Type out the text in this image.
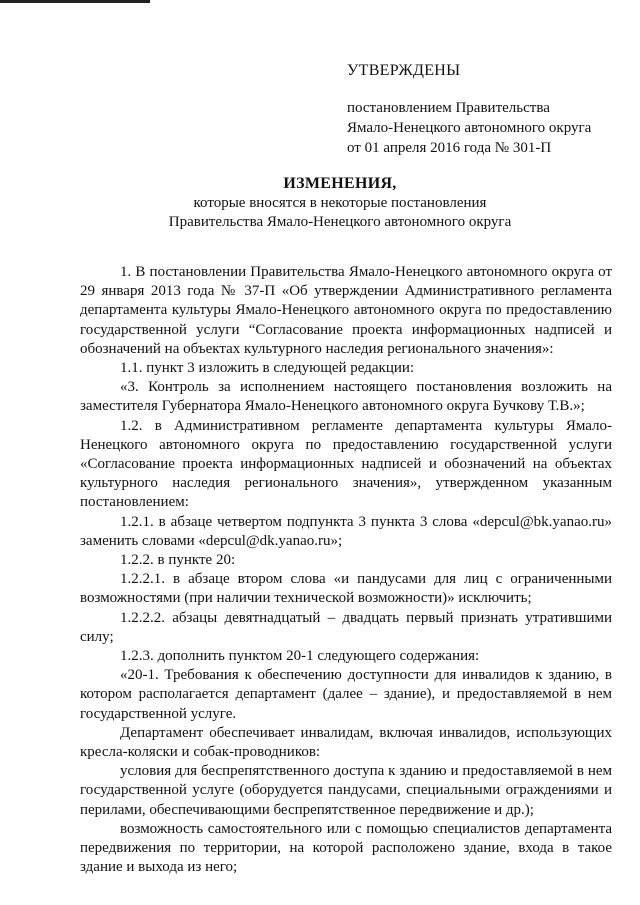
УТВЕРЖДЕНЫ
постановлением Правительства
Ямало-Ненецкого автономного округа
от 01 апреля 2016 года № 301-П
ИЗМЕНЕНИЯ,
которые вносятся в некоторые постановления
Правительства Ямало-Ненецкого автономного округа

1. В постановлении Правительства Ямало-Ненецкого автономного округа от 29 января 2013 года № 37-П «Об утверждении Административного регламента департамента культуры Ямало-Ненецкого автономного округа по предоставлению государственной услуги “Согласование проекта информационных надписей и обозначений на объектах культурного наследия регионального значения»:

1.1. пункт 3 изложить в следующей редакции:

«3. Контроль за исполнением настоящего постановления возложить на заместителя Губернатора Ямало-Ненецкого автономного округа Бучкову Т.В.»;

1.2. в Административном регламенте департамента культуры Ямало-Ненецкого автономного округа по предоставлению государственной услуги «Согласование проекта информационных надписей и обозначений на объектах культурного наследия регионального значения», утвержденном указанным постановлением:

1.2.1. в абзаце четвертом подпункта 3 пункта 3 слова «depcul@bk.yanao.ru» заменить словами «depcul@dk.yanao.ru»;

1.2.2. в пункте 20:

1.2.2.1. в абзаце втором слова «и пандусами для лиц с ограниченными возможностями (при наличии технической возможности)» исключить;

1.2.2.2. абзацы девятнадцатый – двадцать первый признать утратившими силу;

1.2.3. дополнить пунктом 20-1 следующего содержания:

«20-1. Требования к обеспечению доступности для инвалидов к зданию, в котором располагается департамент (далее – здание), и предоставляемой в нем государственной услуге.

Департамент обеспечивает инвалидам, включая инвалидов, использующих кресла-коляски и собак-проводников:

условия для беспрепятственного доступа к зданию и предоставляемой в нем государственной услуге (оборудуется пандусами, специальными ограждениями и перилами, обеспечивающими беспрепятственное передвижение и др.);

возможность самостоятельного или с помощью специалистов департамента передвижения по территории, на которой расположено здание, входа в такое здание и выхода из него;
